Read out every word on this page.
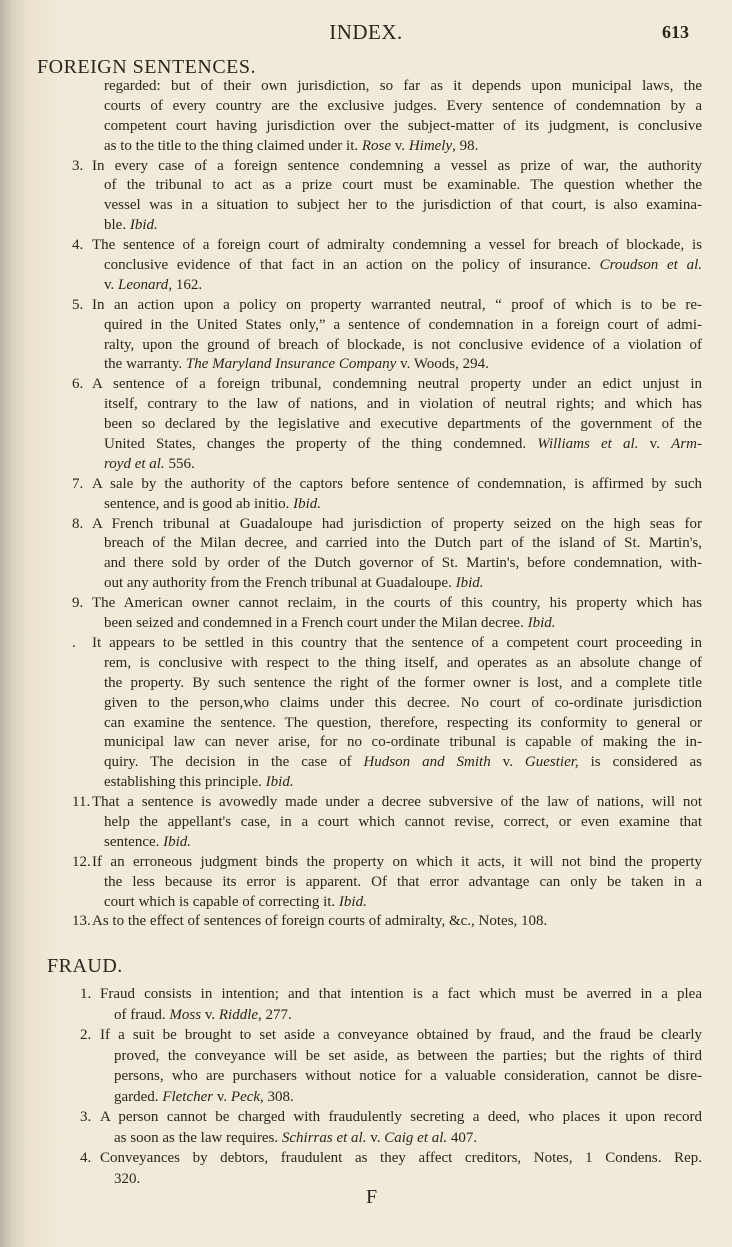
INDEX.	613
FOREIGN SENTENCES.
regarded: but of their own jurisdiction, so far as it depends upon municipal laws, the
courts of every country are the exclusive judges. Every sentence of condemnation by a
competent court having jurisdiction over the subject-matter of its judgment, is conclusive
as to the title to the thing claimed under it. Rose v. Himely, 98.
3. In every case of a foreign sentence condemning a vessel as prize of war, the authority
of the tribunal to act as a prize court must be examinable. The question whether the
vessel was in a situation to subject her to the jurisdiction of that court, is also examina-
ble. Ibid.
4. The sentence of a foreign court of admiralty condemning a vessel for breach of blockade, is
conclusive evidence of that fact in an action on the policy of insurance. Croudson et al.
v. Leonard, 162.
5. In an action upon a policy on property warranted neutral, “ proof of which is to be re-
quired in the United States only,” a sentence of condemnation in a foreign court of admi-
ralty, upon the ground of breach of blockade, is not conclusive evidence of a violation of
the warranty. The Maryland Insurance Company v. Woods, 294.
6. A sentence of a foreign tribunal, condemning neutral property under an edict unjust in
itself, contrary to the law of nations, and in violation of neutral rights; and which has
been so declared by the legislative and executive departments of the government of the
United States, changes the property of the thing condemned. Williams et al. v. Arm-
royd et al. 556.
7. A sale by the authority of the captors before sentence of condemnation, is affirmed by such
sentence, and is good ab initio. Ibid.
8. A French tribunal at Guadaloupe had jurisdiction of property seized on the high seas for
breach of the Milan decree, and carried into the Dutch part of the island of St. Martin's,
and there sold by order of the Dutch governor of St. Martin's, before condemnation, with-
out any authority from the French tribunal at Guadaloupe. Ibid.
9. The American owner cannot reclaim, in the courts of this country, his property which has
been seized and condemned in a French court under the Milan decree. Ibid.
. It appears to be settled in this country that the sentence of a competent court proceeding in
rem, is conclusive with respect to the thing itself, and operates as an absolute change of
the property. By such sentence the right of the former owner is lost, and a complete title
given to the person,who claims under this decree. No court of co-ordinate jurisdiction
can examine the sentence. The question, therefore, respecting its conformity to general or
municipal law can never arise, for no co-ordinate tribunal is capable of making the in-
quiry. The decision in the case of Hudson and Smith v. Guestier, is considered as
establishing this principle. Ibid.
11. That a sentence is avowedly made under a decree subversive of the law of nations, will not
help the appellant's case, in a court which cannot revise, correct, or even examine that
sentence. Ibid.
12. If an erroneous judgment binds the property on which it acts, it will not bind the property
the less because its error is apparent. Of that error advantage can only be taken in a
court which is capable of correcting it. Ibid.
13. As to the effect of sentences of foreign courts of admiralty, &c., Notes, 108.
FRAUD.
1. Fraud consists in intention; and that intention is a fact which must be averred in a plea
of fraud. Moss v. Riddle, 277.
2. If a suit be brought to set aside a conveyance obtained by fraud, and the fraud be clearly
proved, the conveyance will be set aside, as between the parties; but the rights of third
persons, who are purchasers without notice for a valuable consideration, cannot be disre-
garded. Fletcher v. Peck, 308.
3. A person cannot be charged with fraudulently secreting a deed, who places it upon record
as soon as the law requires. Schirras et al. v. Caig et al. 407.
4. Conveyances by debtors, fraudulent as they affect creditors, Notes, 1 Condens. Rep.
320.
F
